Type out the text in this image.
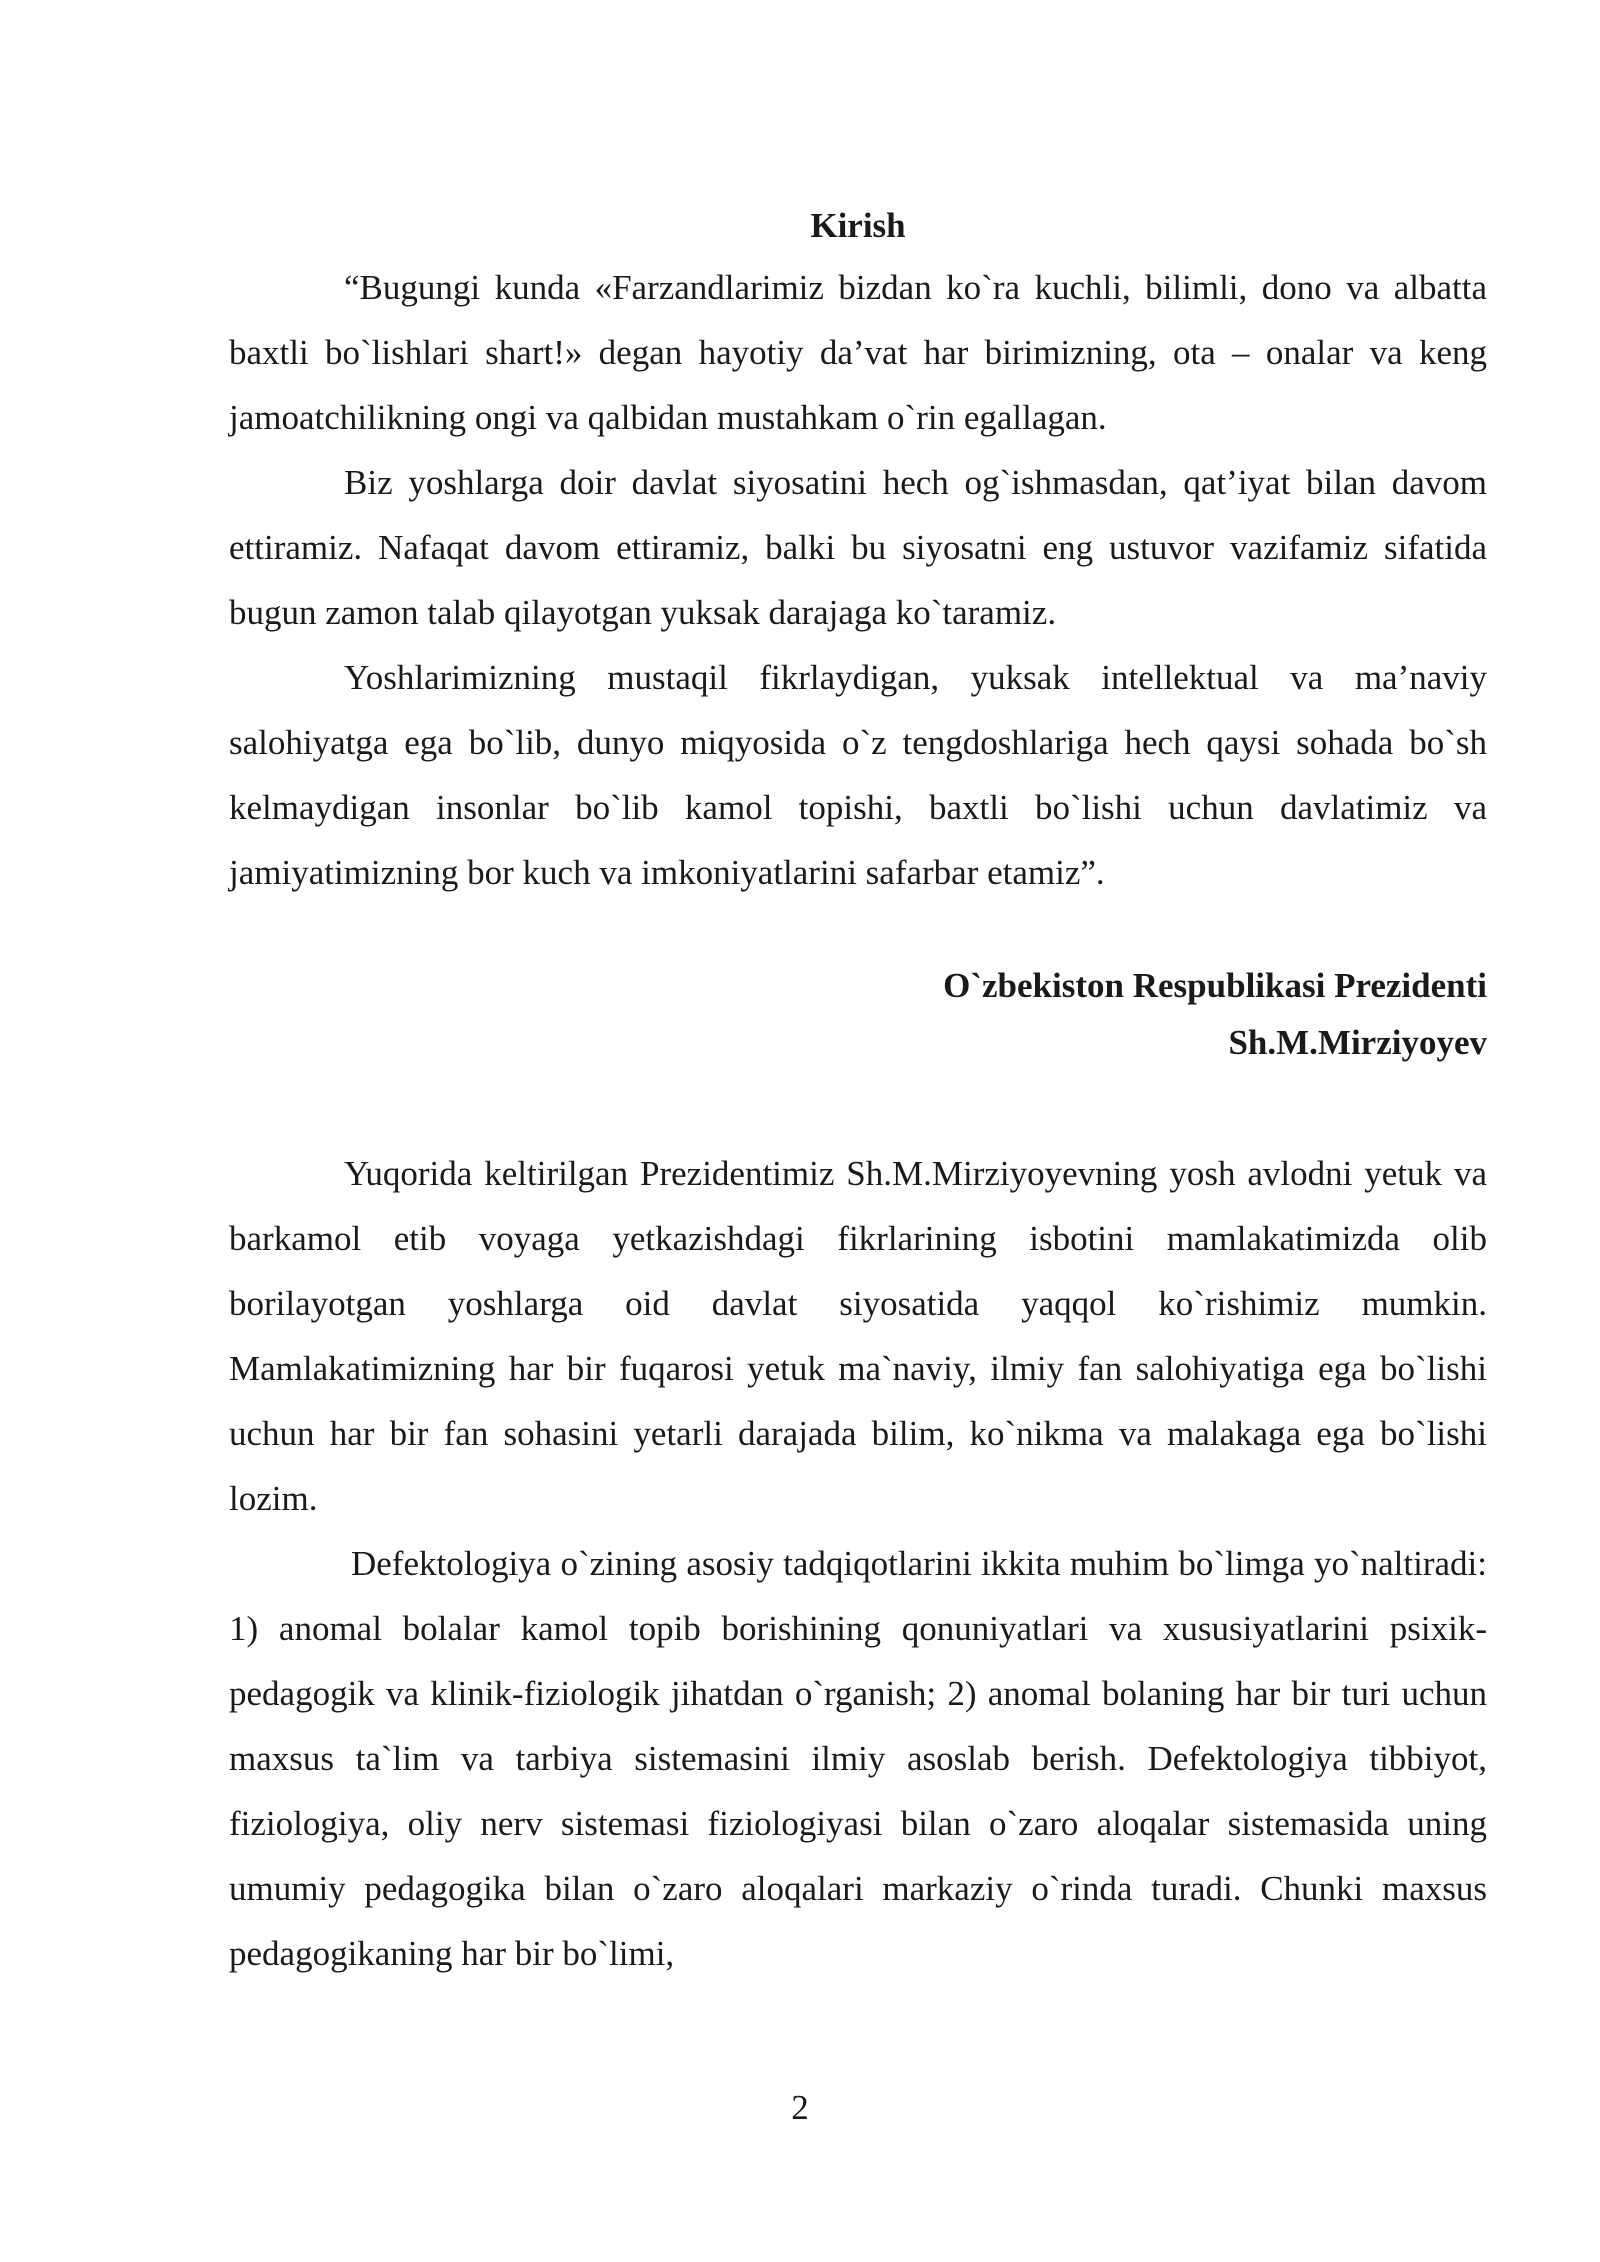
Kirish

“Bugungi kunda «Farzandlarimiz bizdan ko`ra kuchli, bilimli, dono va albatta baxtli bo`lishlari shart!» degan hayotiy da’vat har birimizning, ota – onalar va keng jamoatchilikning ongi va qalbidan mustahkam o`rin egallagan.

Biz yoshlarga doir davlat siyosatini hech og`ishmasdan, qat’iyat bilan davom ettiramiz. Nafaqat davom ettiramiz, balki bu siyosatni eng ustuvor vazifamiz sifatida bugun zamon talab qilayotgan yuksak darajaga ko`taramiz.

Yoshlarimizning mustaqil fikrlaydigan, yuksak intellektual va ma’naviy salohiyatga ega bo`lib, dunyo miqyosida o`z tengdoshlariga hech qaysi sohada bo`sh kelmaydigan insonlar bo`lib kamol topishi, baxtli bo`lishi uchun davlatimiz va jamiyatimizning bor kuch va imkoniyatlarini safarbar etamiz”.

O`zbekiston Respublikasi Prezidenti
Sh.M.Mirziyoyev

Yuqorida keltirilgan Prezidentimiz Sh.M.Mirziyoyevning yosh avlodni yetuk va barkamol etib voyaga yetkazishdagi fikrlarining isbotini mamlakatimizda olib borilayotgan yoshlarga oid davlat siyosatida yaqqol ko`rishimiz mumkin. Mamlakatimizning har bir fuqarosi yetuk ma`naviy, ilmiy fan salohiyatiga ega bo`lishi uchun har bir fan sohasini yetarli darajada bilim, ko`nikma va malakaga ega bo`lishi lozim.

Defektologiya o`zining asosiy tadqiqotlarini ikkita muhim bo`limga yo`naltiradi: 1) anomal bolalar kamol topib borishining qonuniyatlari va xususiyatlarini psixik-pedagogik va klinik-fiziologik jihatdan o`rganish; 2) anomal bolaning har bir turi uchun maxsus ta`lim va tarbiya sistemasini ilmiy asoslab berish. Defektologiya tibbiyot, fiziologiya, oliy nerv sistemasi fiziologiyasi bilan o`zaro aloqalar sistemasida uning umumiy pedagogika bilan o`zaro aloqalari markaziy o`rinda turadi. Chunki maxsus pedagogikaning har bir bo`limi,

2
